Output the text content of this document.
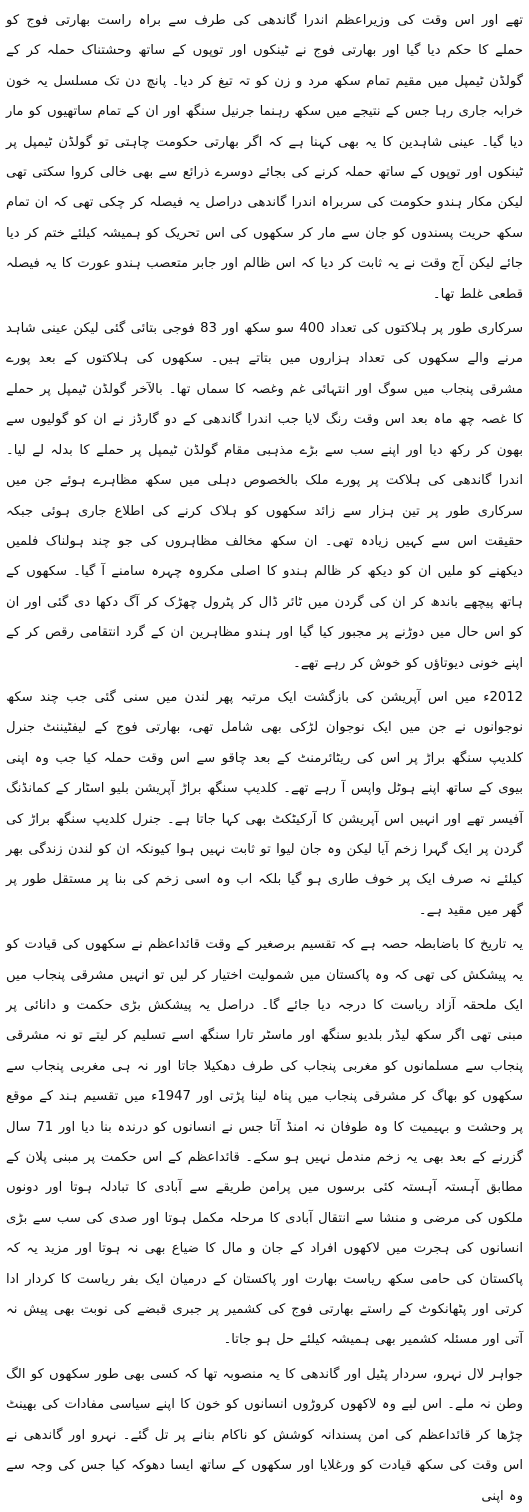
تھے اور اس وقت کی وزیراعظم اندرا گاندھی کی طرف سے براہ راست بھارتی فوج کو حملے کا حکم دیا گیا اور بھارتی فوج نے ٹینکوں اور توپوں کے ساتھ وحشتناک حملہ کر کے گولڈن ٹیمپل میں مقیم تمام سکھ مرد و زن کو تہ تیغ کر دیا۔ پانچ دن تک مسلسل یہ خون خرابہ جاری رہا جس کے نتیجے میں سکھ رہنما جرنیل سنگھ اور ان کے تمام ساتھیوں کو مار دیا گیا۔ عینی شاہدین کا یہ بھی کہنا ہے کہ اگر بھارتی حکومت چاہتی تو گولڈن ٹیمپل پر ٹینکوں اور توپوں کے ساتھ حملہ کرنے کی بجائے دوسرے ذرائع سے بھی خالی کروا سکتی تھی لیکن مکار ہندو حکومت کی سربراہ اندرا گاندھی دراصل یہ فیصلہ کر چکی تھی کہ ان تمام سکھ حریت پسندوں کو جان سے مار کر سکھوں کی اس تحریک کو ہمیشہ کیلئے ختم کر دیا جائے لیکن آج وقت نے یہ ثابت کر دیا کہ اس ظالم اور جابر متعصب ہندو عورت کا یہ فیصلہ قطعی غلط تھا۔

سرکاری طور پر ہلاکتوں کی تعداد 400 سو سکھ اور 83 فوجی بتائی گئی لیکن عینی شاہد مرنے والے سکھوں کی تعداد ہزاروں میں بتاتے ہیں۔ سکھوں کی ہلاکتوں کے بعد پورے مشرقی پنجاب میں سوگ اور انتہائی غم وغصہ کا سماں تھا۔ بالآخر گولڈن ٹیمپل پر حملے کا غصہ چھ ماہ بعد اس وقت رنگ لایا جب اندرا گاندھی کے دو گارڈز نے ان کو گولیوں سے بھون کر رکھ دیا اور اپنے سب سے بڑے مذہبی مقام گولڈن ٹیمپل پر حملے کا بدلہ لے لیا۔ اندرا گاندھی کی ہلاکت پر پورے ملک بالخصوص دہلی میں سکھ مظاہرے ہوئے جن میں سرکاری طور پر تین ہزار سے زائد سکھوں کو ہلاک کرنے کی اطلاع جاری ہوئی جبکہ حقیقت اس سے کہیں زیادہ تھی۔ ان سکھ مخالف مظاہروں کی جو چند ہولناک فلمیں دیکھنے کو ملیں ان کو دیکھ کر ظالم ہندو کا اصلی مکروہ چہرہ سامنے آ گیا۔ سکھوں کے ہاتھ پیچھے باندھ کر ان کی گردن میں ٹائر ڈال کر پٹرول چھڑک کر آگ دکھا دی گئی اور ان کو اس حال میں دوڑنے پر مجبور کیا گیا اور ہندو مظاہرین ان کے گرد انتقامی رقص کر کے اپنے خونی دیوتاؤں کو خوش کر رہے تھے۔

2012ء میں اس آپریشن کی بازگشت ایک مرتبہ پھر لندن میں سنی گئی جب چند سکھ نوجوانوں نے جن میں ایک نوجوان لڑکی بھی شامل تھی، بھارتی فوج کے لیفٹیننٹ جنرل کلدیپ سنگھ براڑ پر اس کی ریٹائرمنٹ کے بعد چاقو سے اس وقت حملہ کیا جب وہ اپنی بیوی کے ساتھ اپنے ہوٹل واپس آ رہے تھے۔ کلدیپ سنگھ براڑ آپریشن بلیو اسٹار کے کمانڈنگ آفیسر تھے اور انہیں اس آپریشن کا آرکیٹکٹ بھی کہا جاتا ہے۔ جنرل کلدیپ سنگھ براڑ کی گردن پر ایک گہرا زخم آیا لیکن وہ جان لیوا تو ثابت نہیں ہوا کیونکہ ان کو لندن زندگی بھر کیلئے نہ صرف ایک پر خوف طاری ہو گیا بلکہ اب وہ اسی زخم کی بنا پر مستقل طور پر گھر میں مقید ہے۔

یہ تاریخ کا باضابطہ حصہ ہے کہ تقسیم برصغیر کے وقت قائداعظم نے سکھوں کی قیادت کو یہ پیشکش کی تھی کہ وہ پاکستان میں شمولیت اختیار کر لیں تو انہیں مشرقی پنجاب میں ایک ملحقہ آزاد ریاست کا درجہ دیا جائے گا۔ دراصل یہ پیشکش بڑی حکمت و دانائی پر مبنی تھی اگر سکھ لیڈر بلدیو سنگھ اور ماسٹر تارا سنگھ اسے تسلیم کر لیتے تو نہ مشرقی پنجاب سے مسلمانوں کو مغربی پنجاب کی طرف دھکیلا جاتا اور نہ ہی مغربی پنجاب سے سکھوں کو بھاگ کر مشرقی پنجاب میں پناہ لینا پڑتی اور 1947ء میں تقسیم ہند کے موقع پر وحشت و بہیمیت کا وہ طوفان نہ امنڈ آتا جس نے انسانوں کو درندہ بنا دیا اور 71 سال گزرنے کے بعد بھی یہ زخم مندمل نہیں ہو سکے۔ قائداعظم کے اس حکمت پر مبنی پلان کے مطابق آہستہ آہستہ کئی برسوں میں پرامن طریقے سے آبادی کا تبادلہ ہوتا اور دونوں ملکوں کی مرضی و منشا سے انتقال آبادی کا مرحلہ مکمل ہوتا اور صدی کی سب سے بڑی انسانوں کی ہجرت میں لاکھوں افراد کے جان و مال کا ضیاع بھی نہ ہوتا اور مزید یہ کہ پاکستان کی حامی سکھ ریاست بھارت اور پاکستان کے درمیان ایک بفر ریاست کا کردار ادا کرتی اور پٹھانکوٹ کے راستے بھارتی فوج کی کشمیر پر جبری قبضے کی نوبت بھی پیش نہ آتی اور مسئلہ کشمیر بھی ہمیشہ کیلئے حل ہو جاتا۔

جواہر لال نہرو، سردار پٹیل اور گاندھی کا یہ منصوبہ تھا کہ کسی بھی طور سکھوں کو الگ وطن نہ ملے۔ اس لیے وہ لاکھوں کروڑوں انسانوں کو خون کا اپنے سیاسی مفادات کی بھینٹ چڑھا کر قائداعظم کی امن پسندانہ کوشش کو ناکام بنانے پر تل گئے۔ نہرو اور گاندھی نے اس وقت کی سکھ قیادت کو ورغلایا اور سکھوں کے ساتھ ایسا دھوکہ کیا جس کی وجہ سے وہ اپنی
